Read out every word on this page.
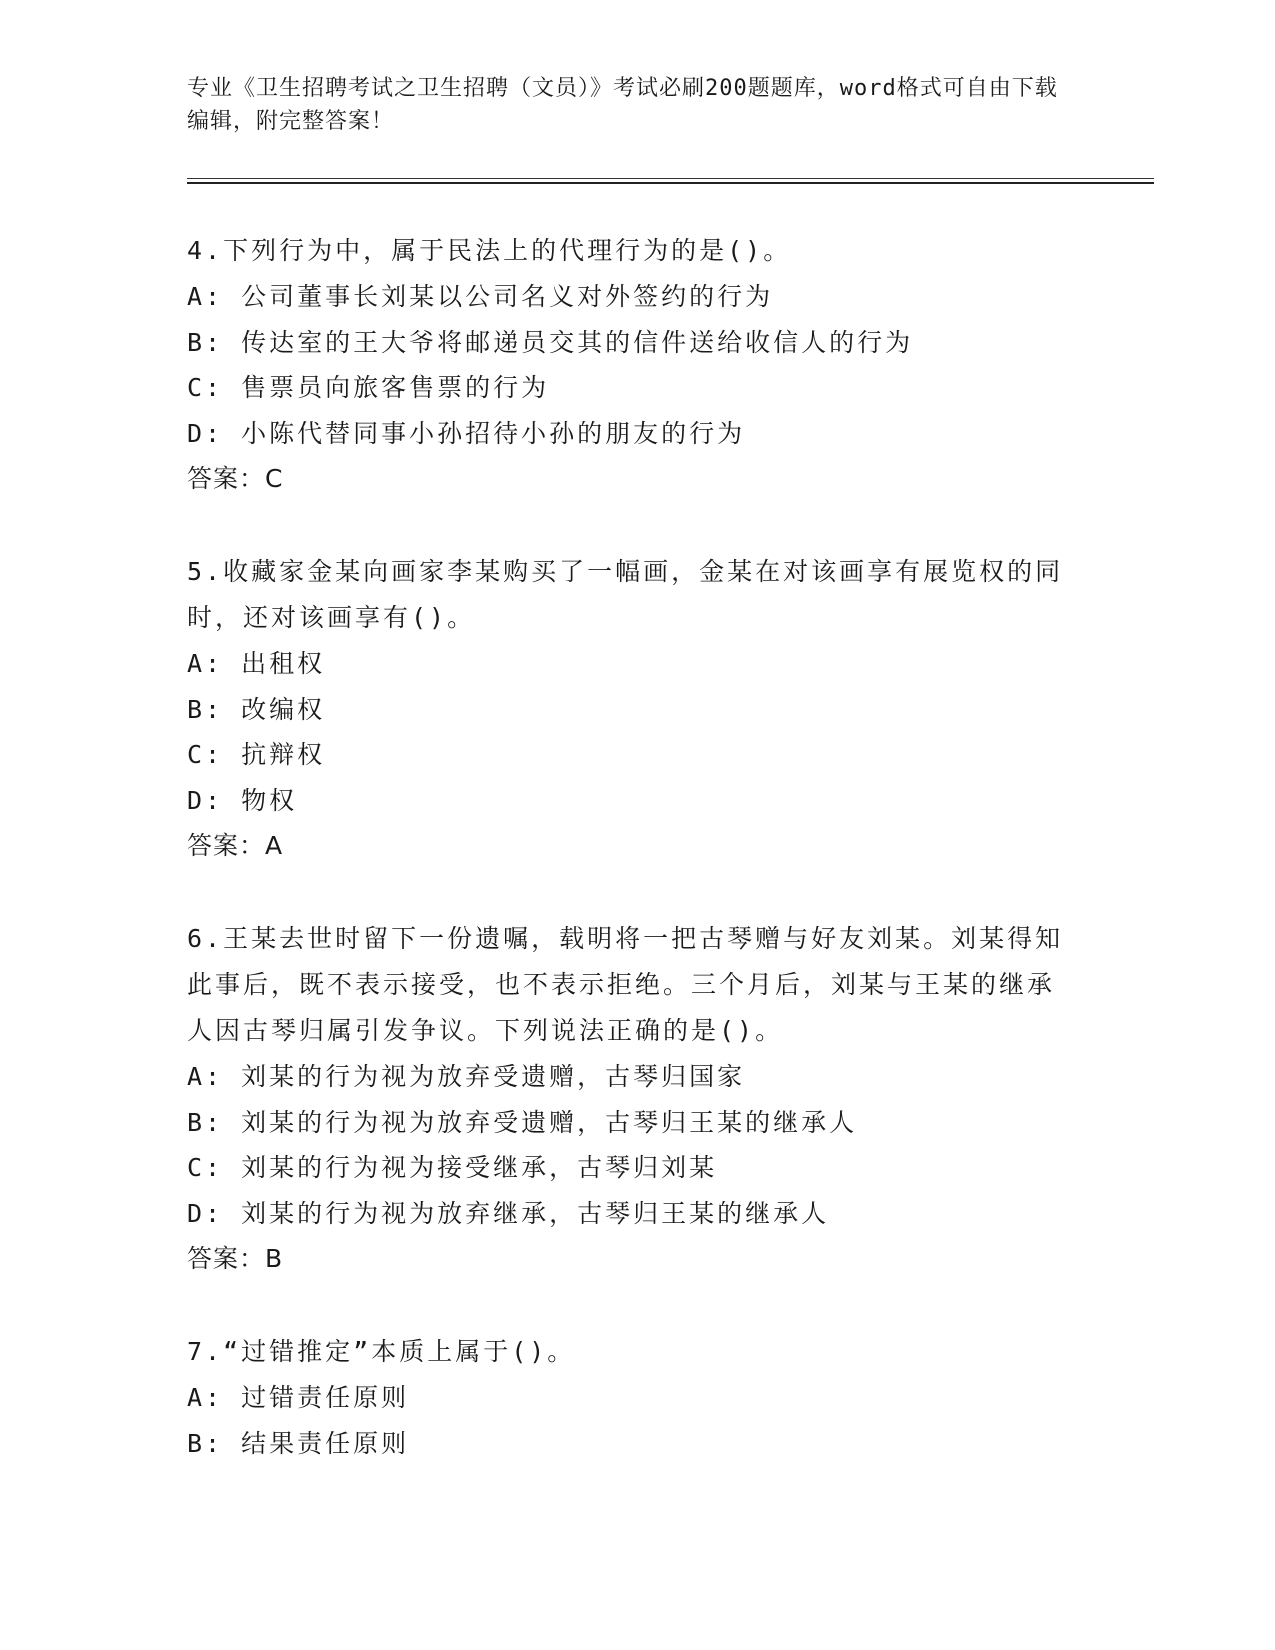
专业《卫生招聘考试之卫生招聘（文员）》考试必刷200题题库，word格式可自由下载编辑，附完整答案！

4.下列行为中，属于民法上的代理行为的是()。

A: 公司董事长刘某以公司名义对外签约的行为

B: 传达室的王大爷将邮递员交其的信件送给收信人的行为

C: 售票员向旅客售票的行为

D: 小陈代替同事小孙招待小孙的朋友的行为

答案：C

5.收藏家金某向画家李某购买了一幅画，金某在对该画享有展览权的同时，还对该画享有()。

A: 出租权

B: 改编权

C: 抗辩权

D: 物权

答案：A

6.王某去世时留下一份遗嘱，载明将一把古琴赠与好友刘某。刘某得知此事后，既不表示接受，也不表示拒绝。三个月后，刘某与王某的继承人因古琴归属引发争议。下列说法正确的是()。

A: 刘某的行为视为放弃受遗赠，古琴归国家

B: 刘某的行为视为放弃受遗赠，古琴归王某的继承人

C: 刘某的行为视为接受继承，古琴归刘某

D: 刘某的行为视为放弃继承，古琴归王某的继承人

答案：B

7.“过错推定”本质上属于()。

A: 过错责任原则

B: 结果责任原则
